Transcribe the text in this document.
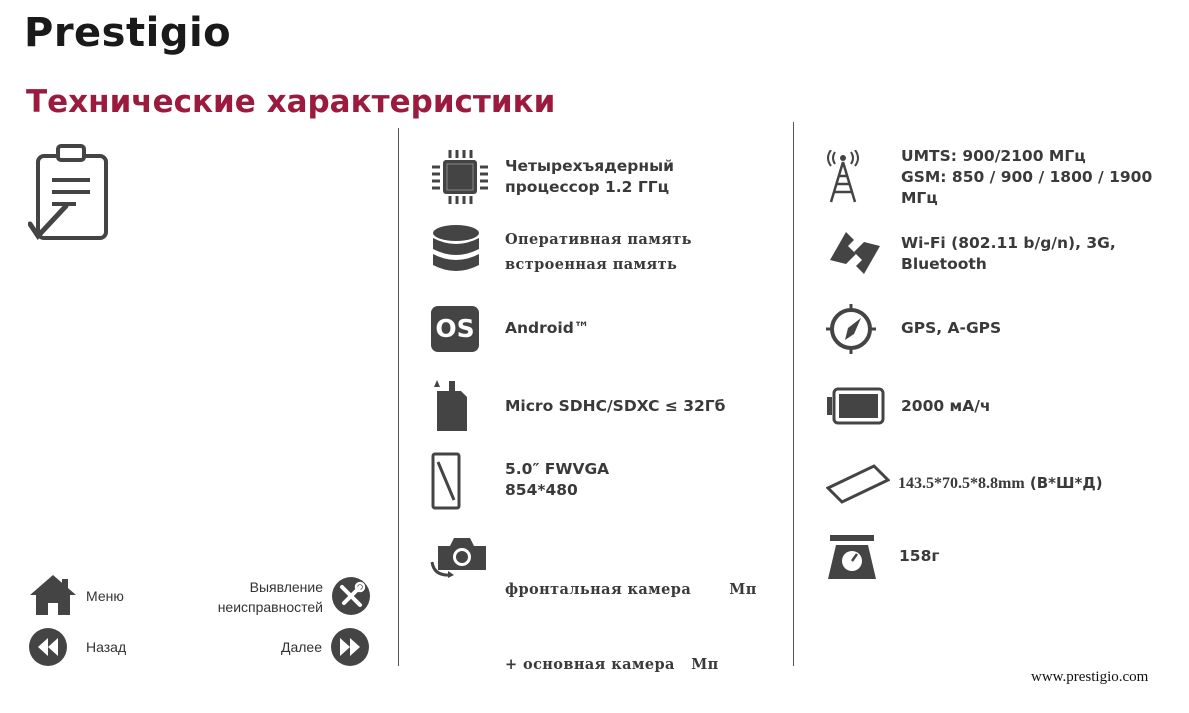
Prestigio
Технические характеристики
Четырехъядерный
процессор 1.2 ГГц
Оперативная память
встроенная память
OS Android™
Micro SDHC/SDXC ≤ 32Гб
5.0″ FWVGA
854*480

фронтальная камера       Мп

+ основная камера   Мп

UMTS: 900/2100 МГц
GSM: 850 / 900 / 1800 / 1900
МГц
Wi-Fi (802.11 b/g/n), 3G,
Bluetooth
GPS, A-GPS
2000 мА/ч
143.5*70.5*8.8mm (В*Ш*Д)
158г
Меню
Выявление
неисправностей
Назад	Далее
www.prestigio.com
